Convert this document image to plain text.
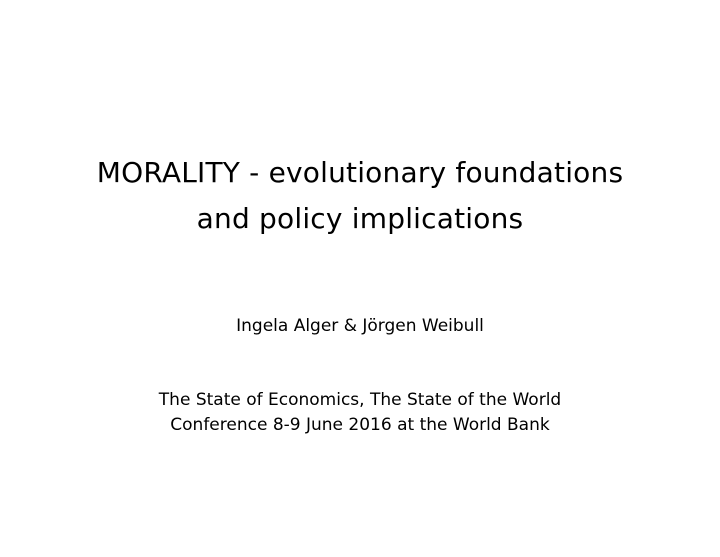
MORALITY - evolutionary foundations
and policy implications
Ingela Alger & Jörgen Weibull
The State of Economics, The State of the World
Conference 8-9 June 2016 at the World Bank
